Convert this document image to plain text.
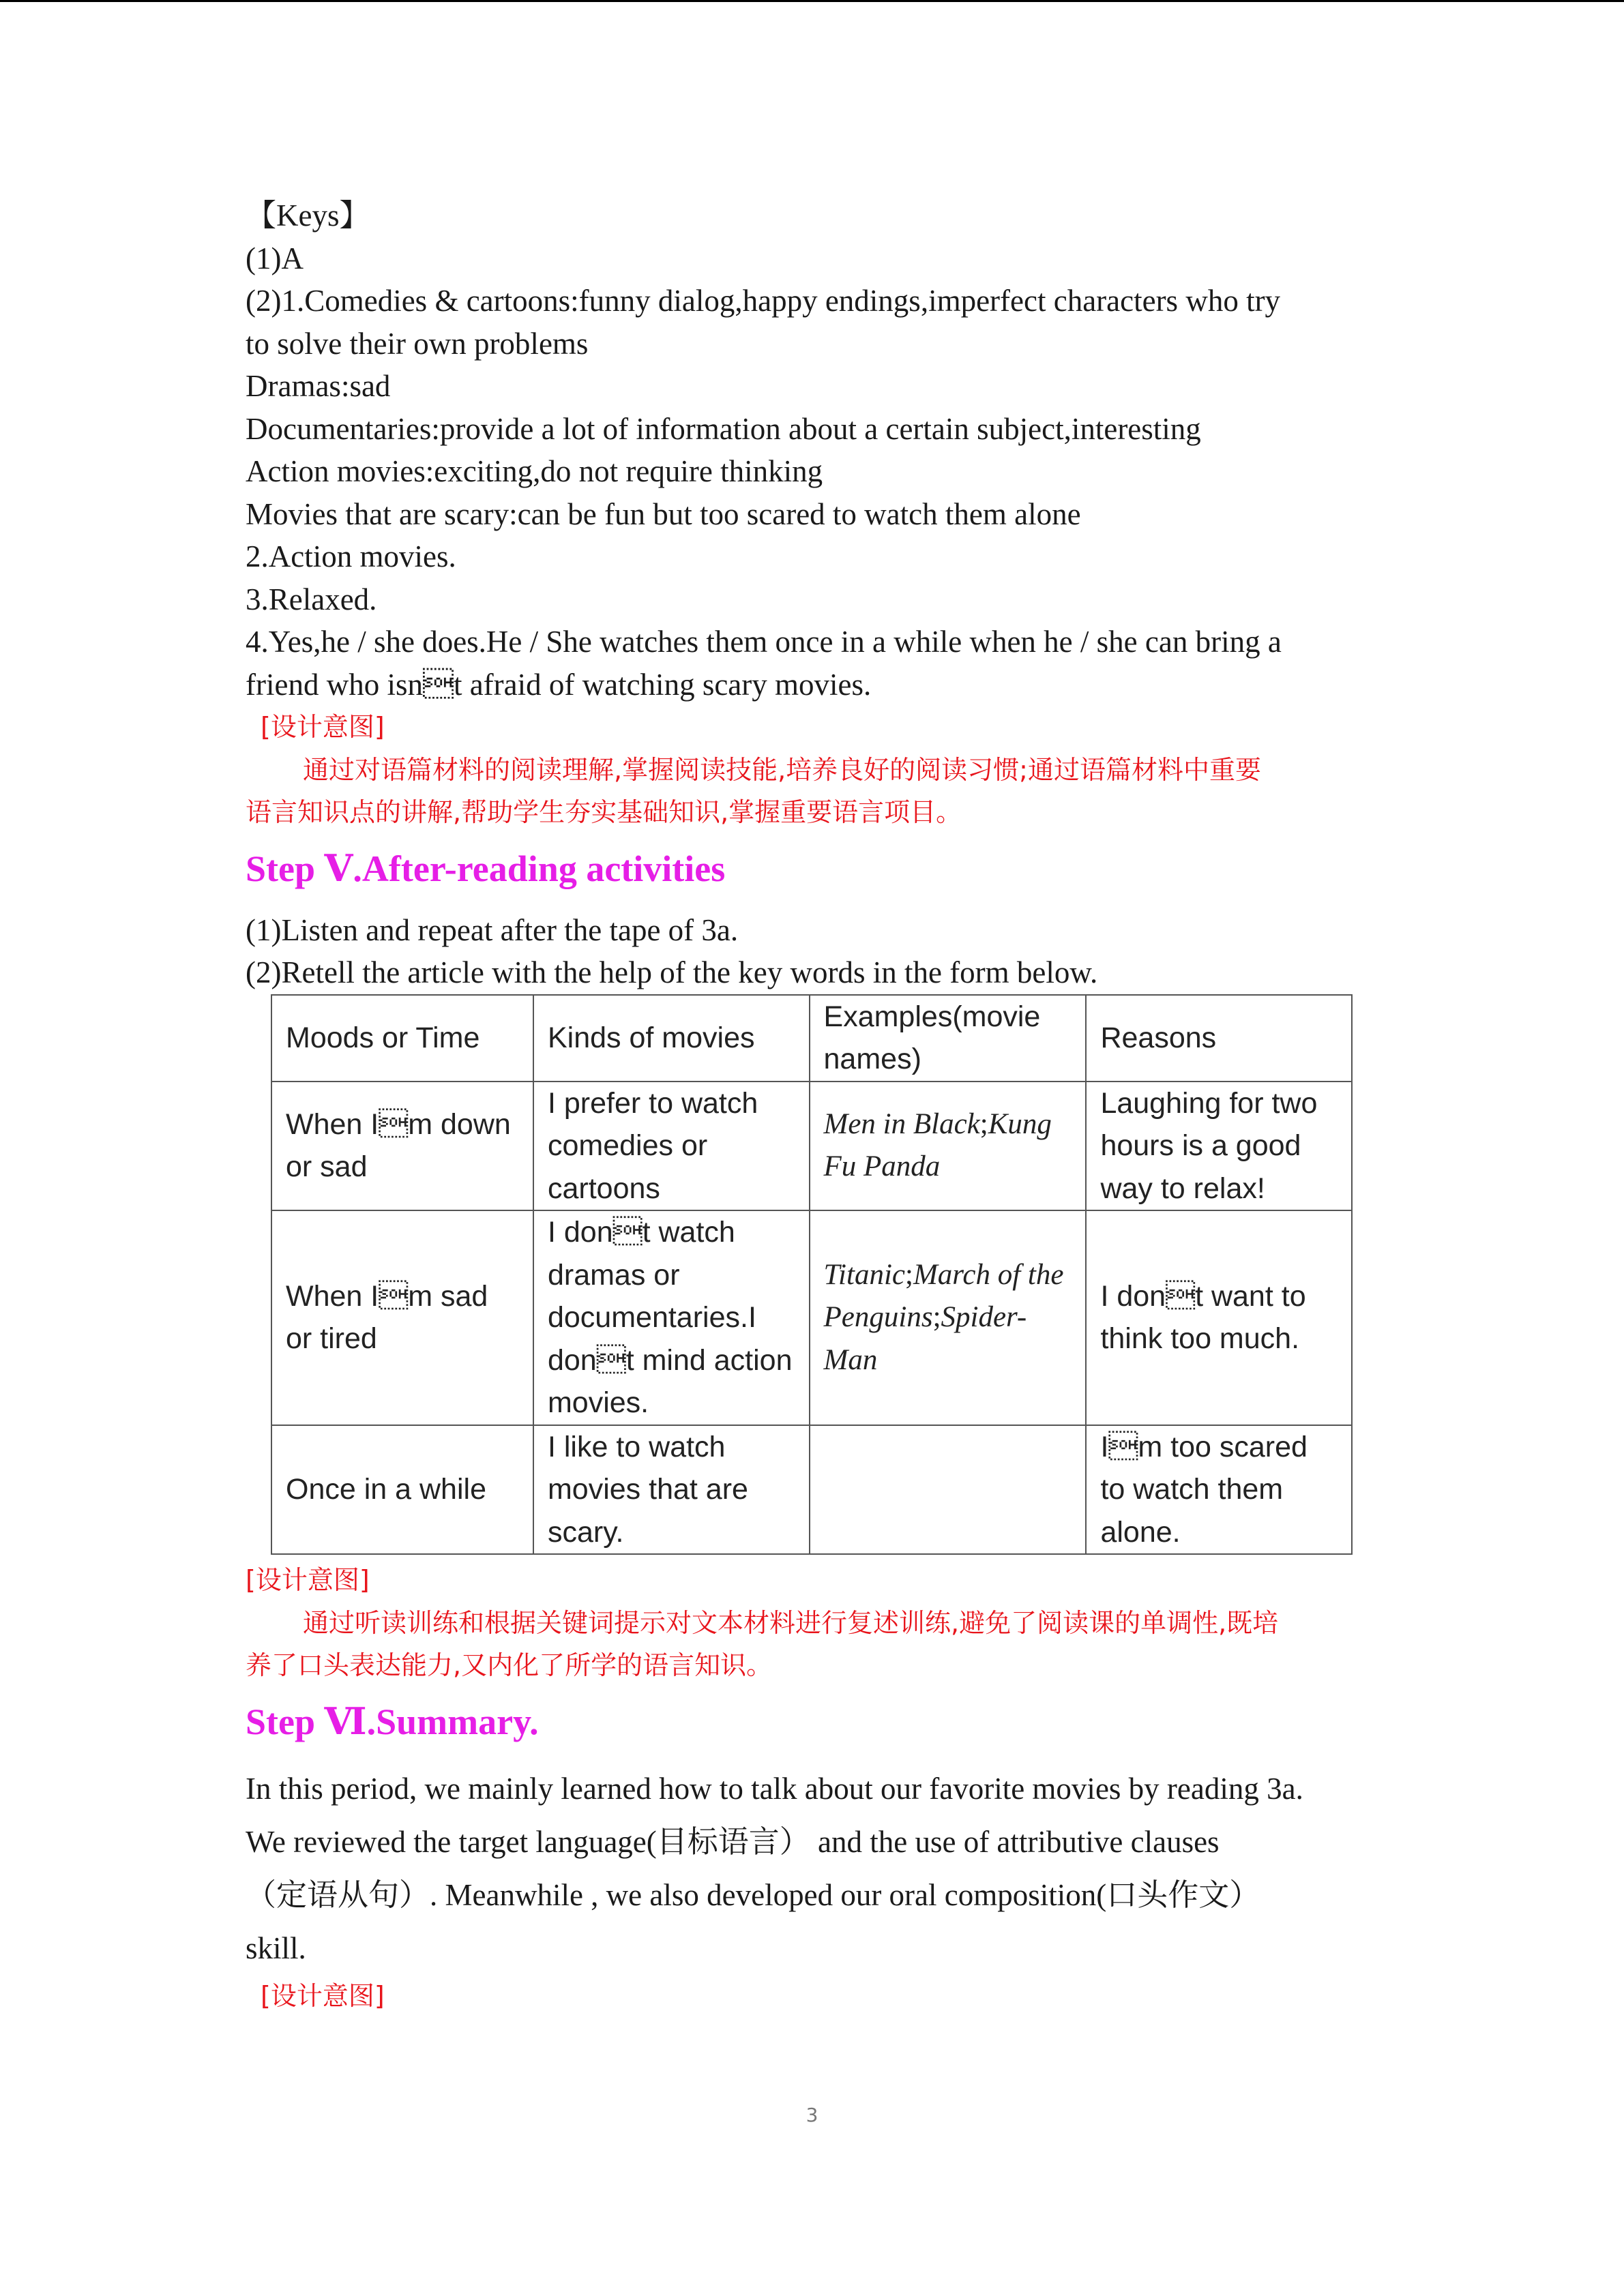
【Keys】
(1)A
(2)1.Comedies & cartoons:funny dialog,happy endings,imperfect characters who try
to solve their own problems
Dramas:sad
Documentaries:provide a lot of information about a certain subject,interesting
Action movies:exciting,do not require thinking
Movies that are scary:can be fun but too scared to watch them alone
2.Action movies.
3.Relaxed.
4.Yes,he / she does.He / She watches them once in a while when he / she can bring a
friend who isnt afraid of watching scary movies.
[设计意图]
通过对语篇材料的阅读理解,掌握阅读技能,培养良好的阅读习惯;通过语篇材料中重要
语言知识点的讲解,帮助学生夯实基础知识,掌握重要语言项目。
Step Ⅴ.After-reading activities
(1)Listen and repeat after the tape of 3a.
(2)Retell the article with the help of the key words in the form below.
Moods or Time	Kinds of movies	Examples(movie names)	Reasons
When Im down or sad	I prefer to watch comedies or cartoons	Men in Black;Kung Fu Panda	Laughing for two hours is a good way to relax!
When Im sad or tired	I dont watch dramas or documentaries.I dont mind action movies.	Titanic;March of the Penguins;Spider-Man	I dont want to think too much.
Once in a while	I like to watch movies that are scary.		Im too scared to watch them alone.
[设计意图]
通过听读训练和根据关键词提示对文本材料进行复述训练,避免了阅读课的单调性,既培
养了口头表达能力,又内化了所学的语言知识。
Step Ⅵ.Summary.
In this period, we mainly learned how to talk about our favorite movies by reading 3a.
We reviewed the target language(目标语言） and the use of attributive clauses
（定语从句）. Meanwhile , we also developed our oral composition(口头作文）
skill.
[设计意图]
3
